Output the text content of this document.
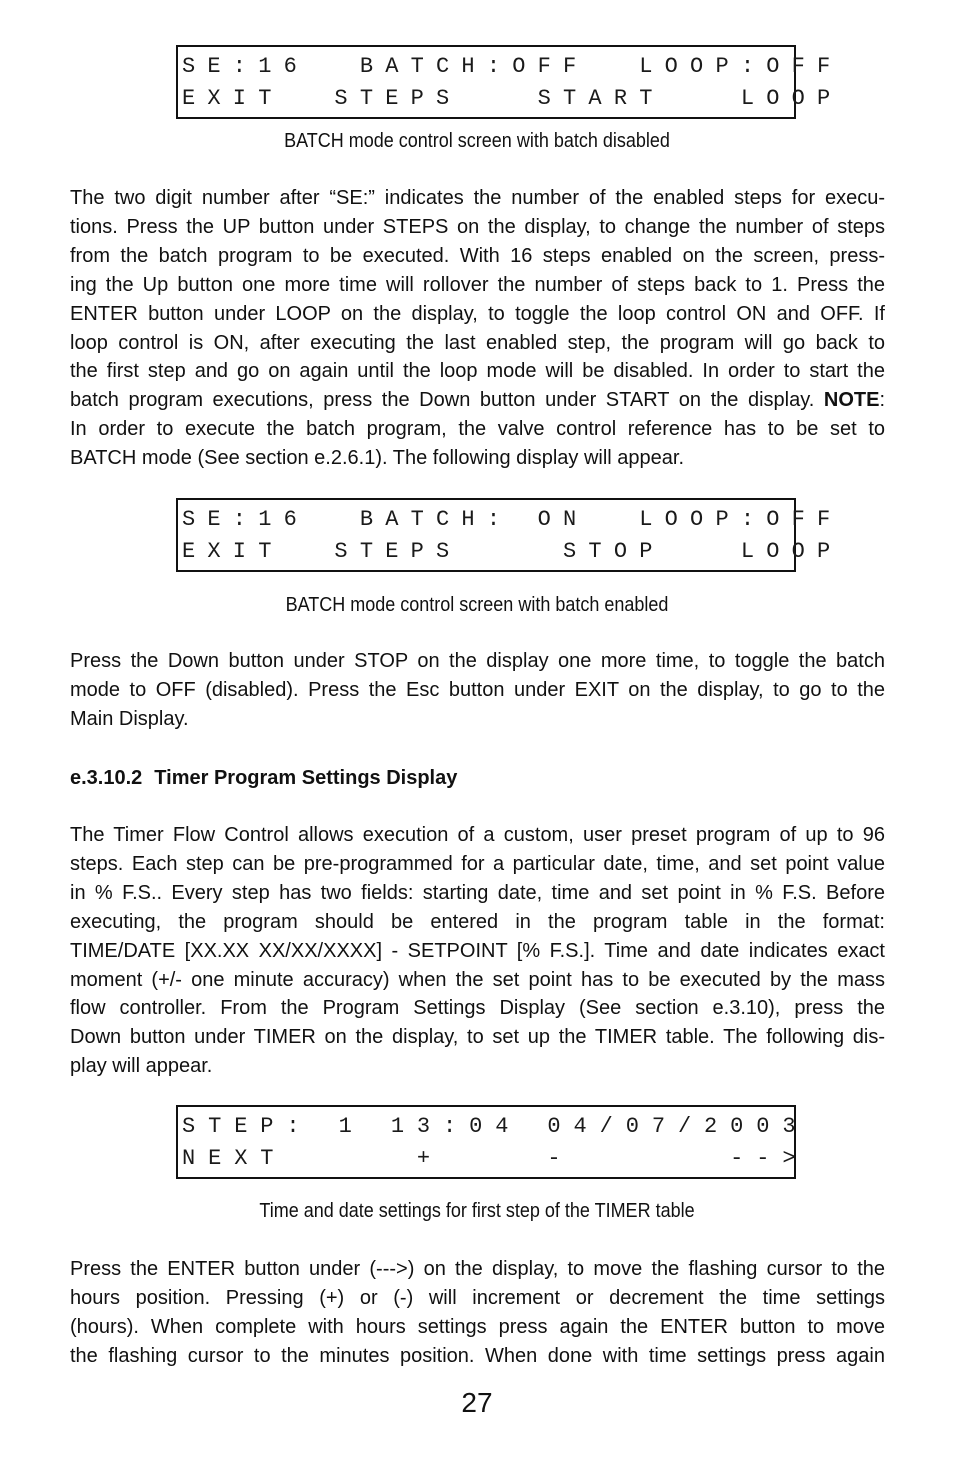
SE:16  BATCH:OFF  LOOP:OFF
EXIT  STEPS   START   LOOP
BATCH mode control screen with batch disabled
The two digit number after “SE:” indicates the number of the enabled steps for execu-
tions. Press the UP button under STEPS on the display, to change the number of steps
from the batch program to be executed. With 16 steps enabled on the screen, press-
ing the Up button one more time will rollover the number of steps back to 1. Press the
ENTER button under LOOP on the display, to toggle the loop control ON and OFF. If
loop control is ON, after executing the last enabled step, the program will go back to
the first step and go on again until the loop mode will be disabled. In order to start the
batch program executions, press the Down button under START on the display. NOTE:
In order to execute the batch program, the valve control reference has to be set to
BATCH mode (See section e.2.6.1). The following display will appear.
SE:16  BATCH: ON  LOOP:OFF
EXIT  STEPS    STOP   LOOP
BATCH mode control screen with batch enabled
Press the Down button under STOP on the display one more time, to toggle the batch
mode to OFF (disabled). Press the Esc button under EXIT on the display, to go to the
Main Display.
e.3.10.2 Timer Program Settings Display
The Timer Flow Control allows execution of a custom, user preset program of up to 96
steps. Each step can be pre-programmed for a particular date, time, and set point value
in % F.S.. Every step has two fields: starting date, time and set point in % F.S. Before
executing, the program should be entered in the program table in the format:
TIME/DATE [XX.XX XX/XX/XXXX] - SETPOINT [% F.S.]. Time and date indicates exact
moment (+/- one minute accuracy) when the set point has to be executed by the mass
flow controller. From the Program Settings Display (See section e.3.10), press the
Down button under TIMER on the display, to set up the TIMER table. The following dis-
play will appear.
STEP: 1 13:04 04/07/2003
NEXT     +    -      -->
Time and date settings for first step of the TIMER table
Press the ENTER button under (--->) on the display, to move the flashing cursor to the
hours position. Pressing (+) or (-) will increment or decrement the time settings
(hours). When complete with hours settings press again the ENTER button to move
the flashing cursor to the minutes position. When done with time settings press again
27
